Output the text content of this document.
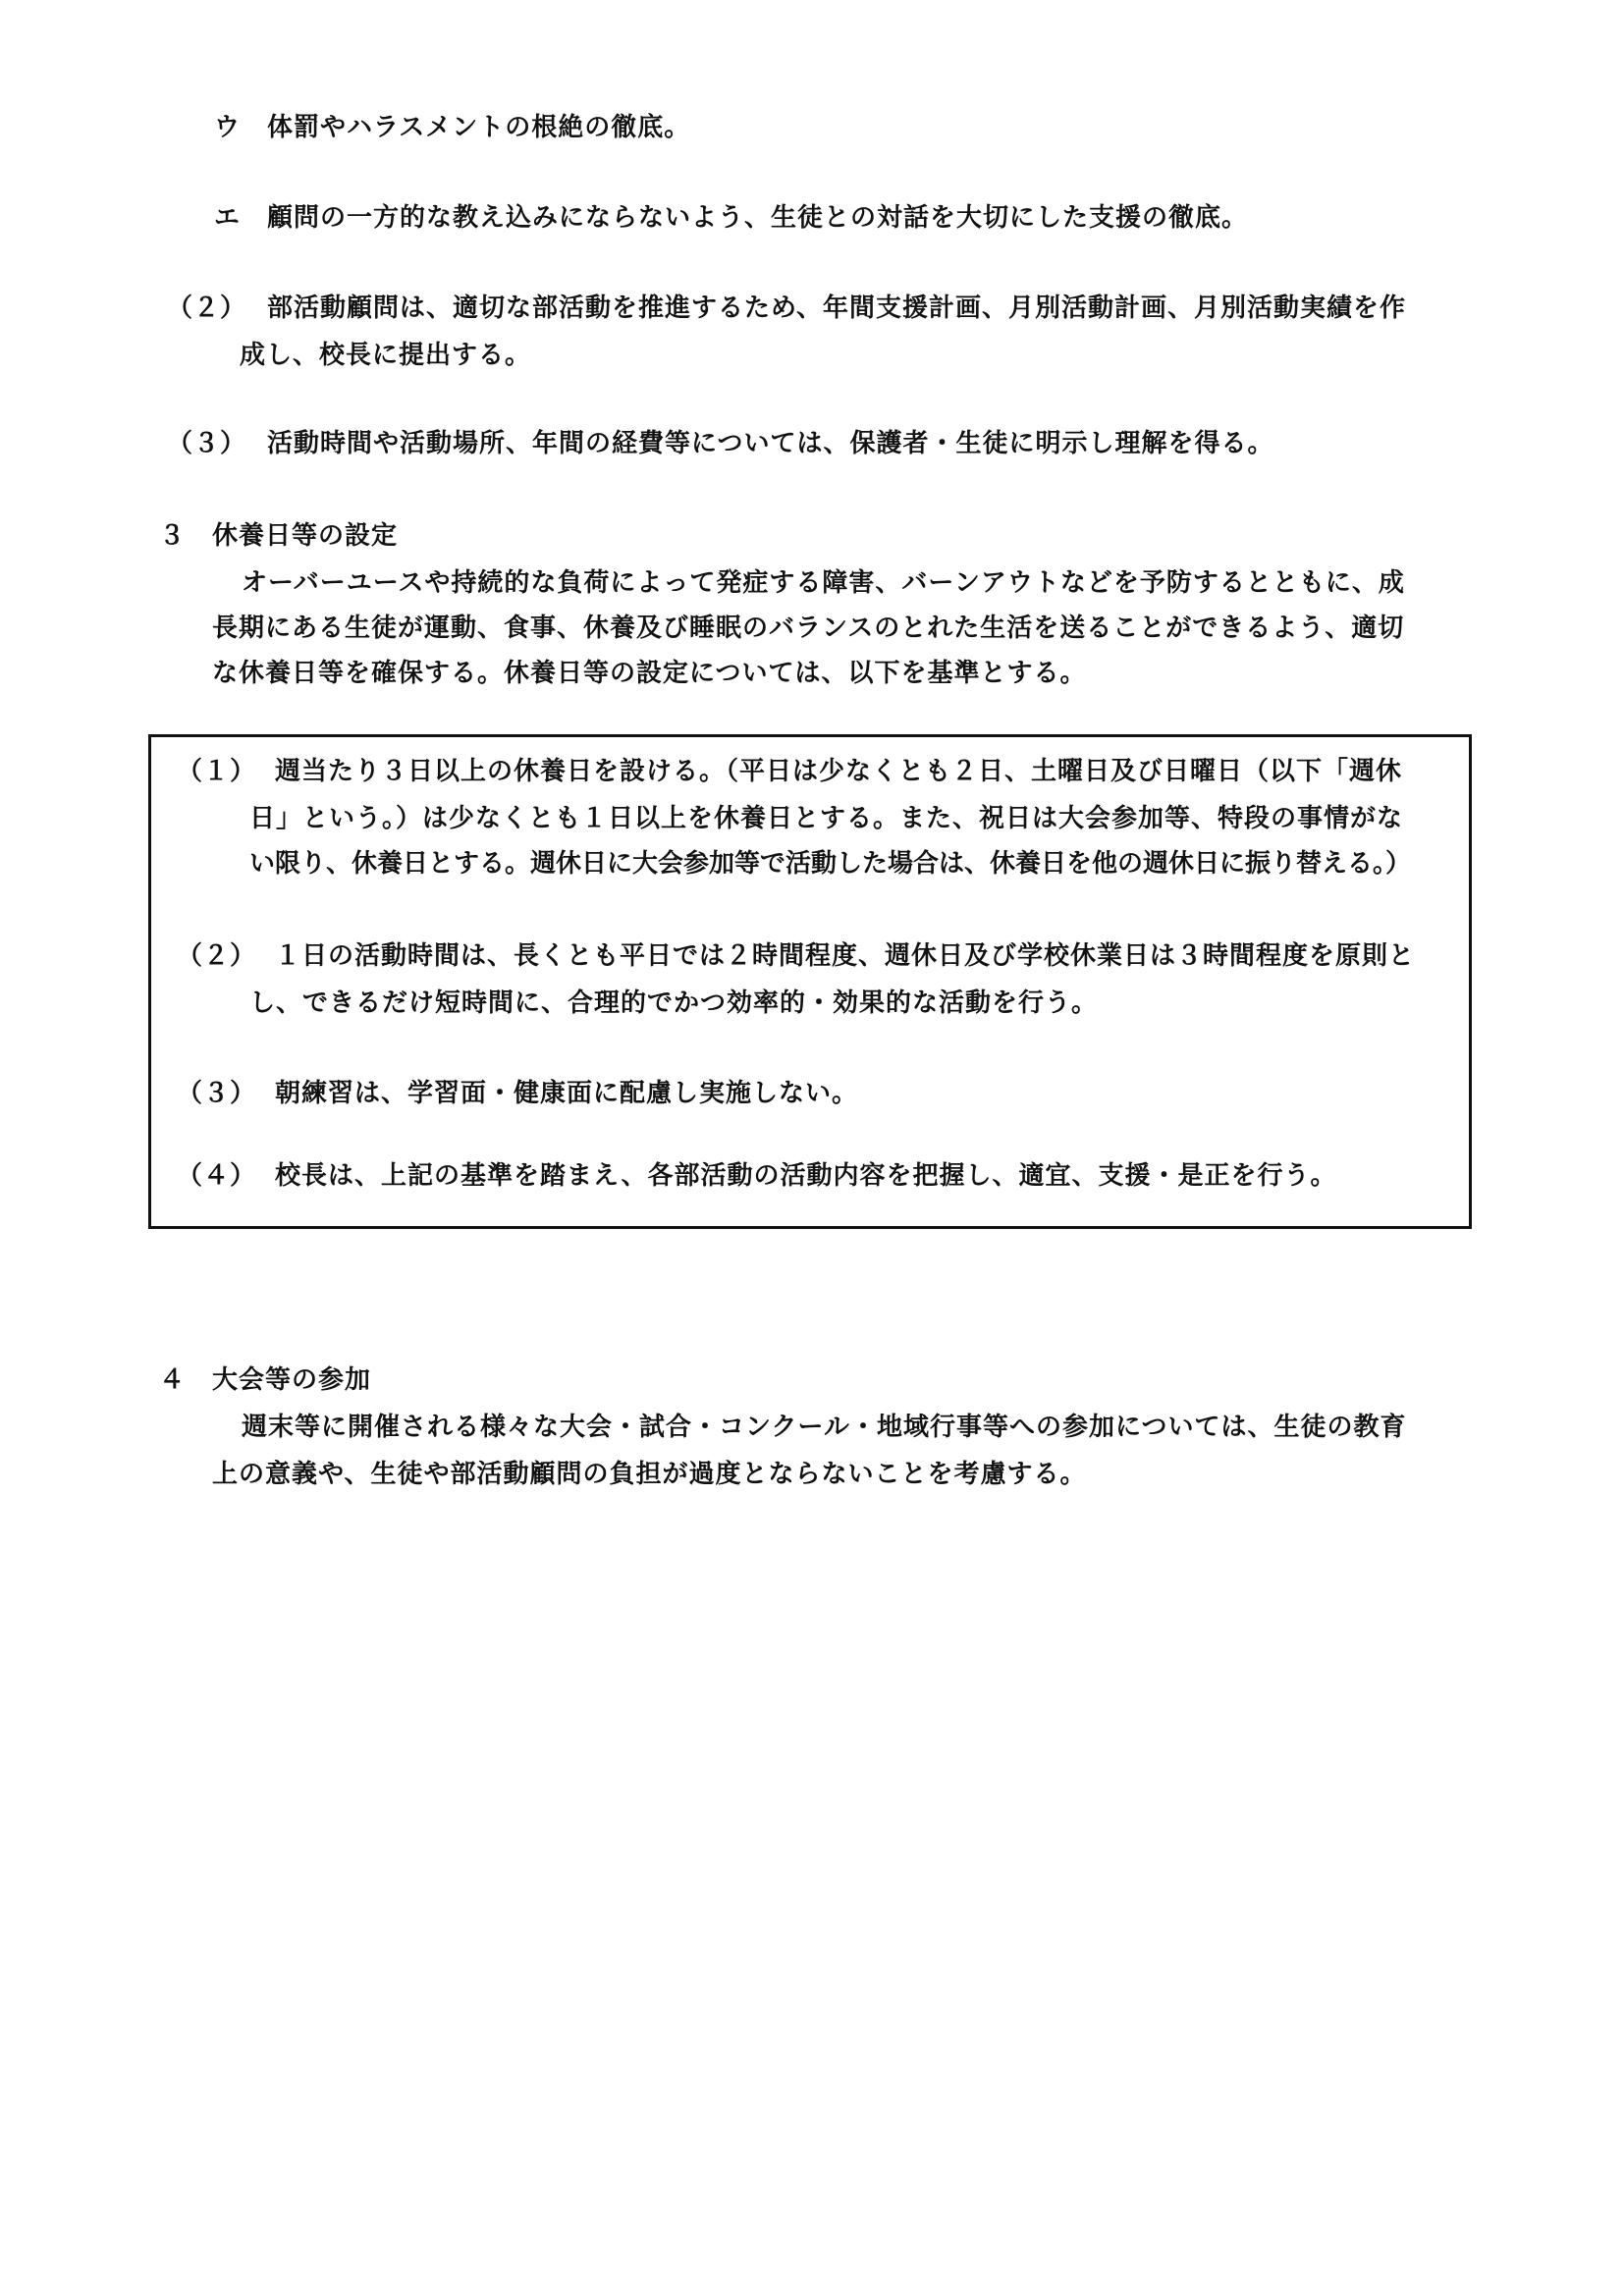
ウ 体罰やハラスメントの根絶の徹底。
エ 顧問の一方的な教え込みにならないよう、生徒との対話を大切にした支援の徹底。
（２） 部活動顧問は、適切な部活動を推進するため、年間支援計画、月別活動計画、月別活動実績を作
成し、校長に提出する。
（３） 活動時間や活動場所、年間の経費等については、保護者・生徒に明示し理解を得る。
３ 休養日等の設定
オーバーユースや持続的な負荷によって発症する障害、バーンアウトなどを予防するとともに、成
長期にある生徒が運動、食事、休養及び睡眠のバランスのとれた生活を送ることができるよう、適切
な休養日等を確保する。休養日等の設定については、以下を基準とする。
（１） 週当たり３日以上の休養日を設ける。（平日は少なくとも２日、土曜日及び日曜日（以下「週休
日」という。）は少なくとも１日以上を休養日とする。また、祝日は大会参加等、特段の事情がな
い限り、休養日とする。週休日に大会参加等で活動した場合は、休養日を他の週休日に振り替える。）
（２） １日の活動時間は、長くとも平日では２時間程度、週休日及び学校休業日は３時間程度を原則と
し、できるだけ短時間に、合理的でかつ効率的・効果的な活動を行う。
（３） 朝練習は、学習面・健康面に配慮し実施しない。
（４） 校長は、上記の基準を踏まえ、各部活動の活動内容を把握し、適宜、支援・是正を行う。
４ 大会等の参加
週末等に開催される様々な大会・試合・コンクール・地域行事等への参加については、生徒の教育
上の意義や、生徒や部活動顧問の負担が過度とならないことを考慮する。
